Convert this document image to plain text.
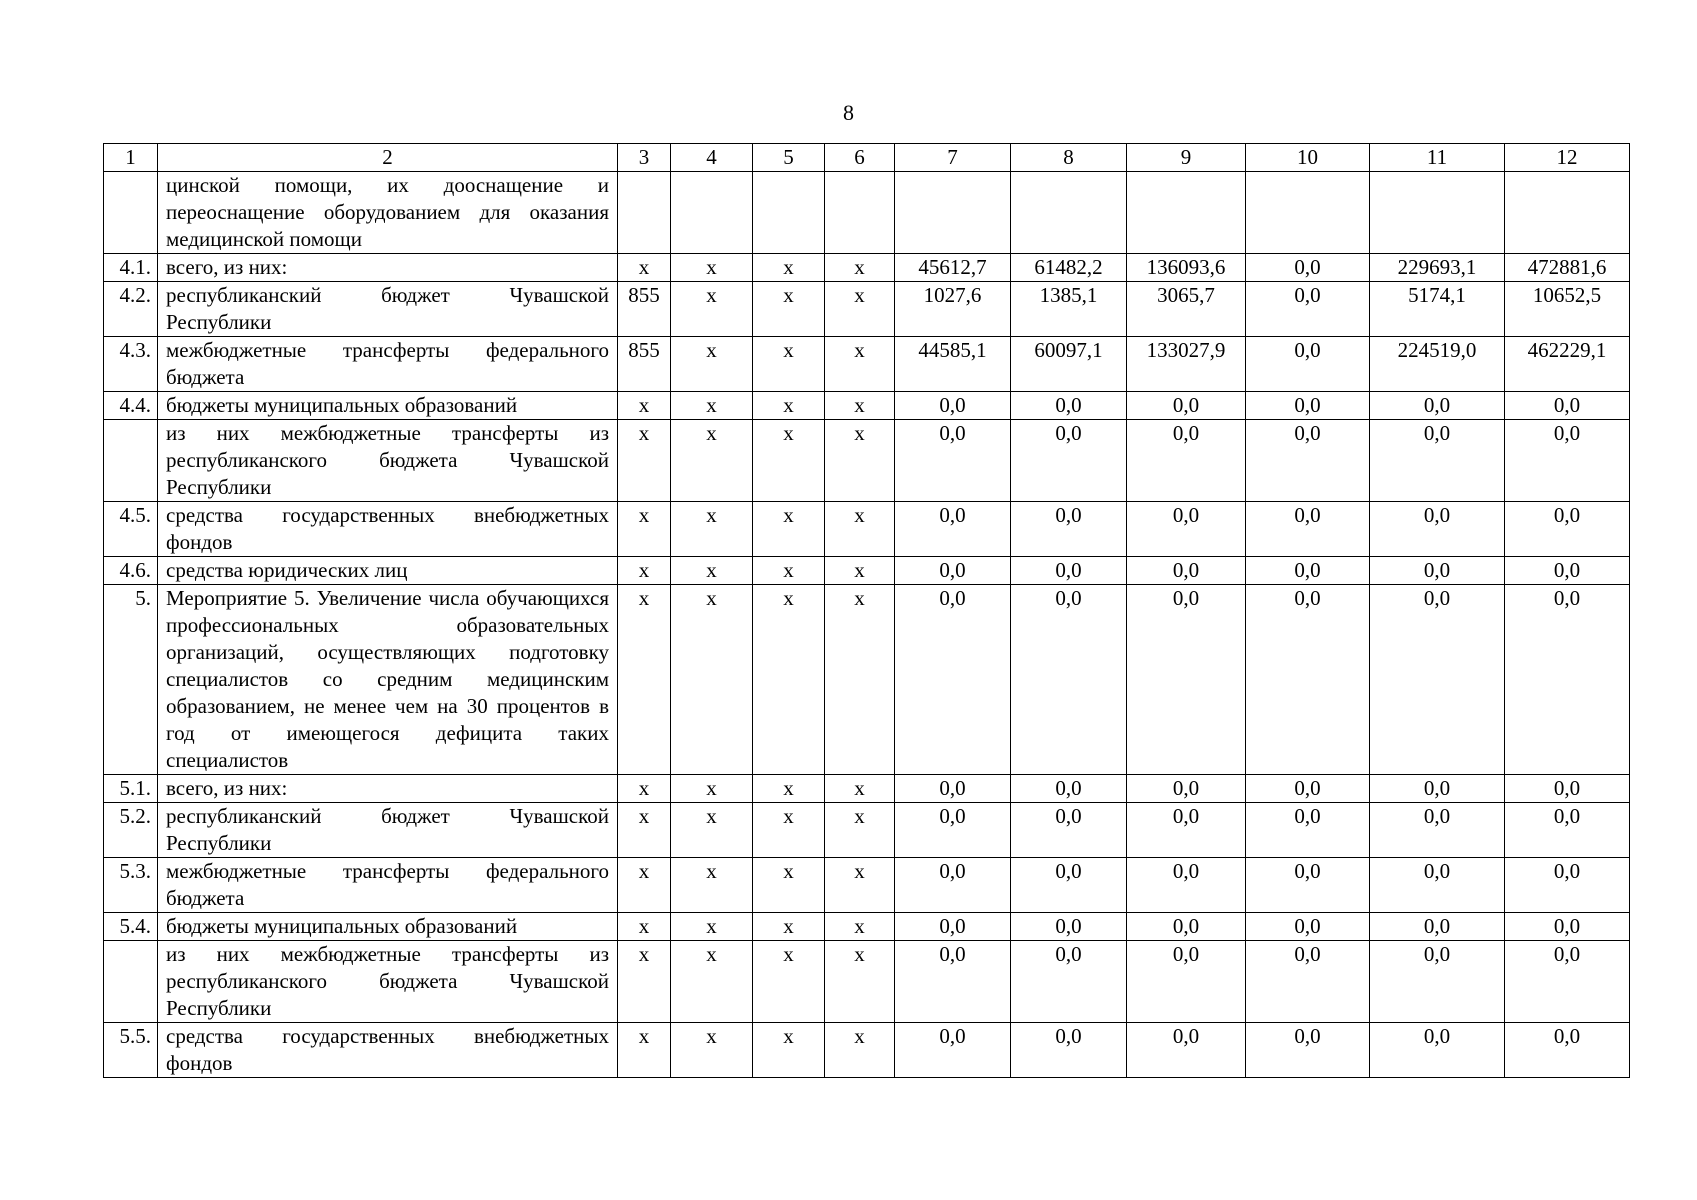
8
1	2	3	4	5	6	7	8	9	10	11	12
	цинской помощи, их дооснащение и переоснащение оборудованием для оказания медицинской помощи										
4.1.	всего, из них:	x	x	x	x	45612,7	61482,2	136093,6	0,0	229693,1	472881,6
4.2.	республиканский бюджет Чувашской Республики	855	x	x	x	1027,6	1385,1	3065,7	0,0	5174,1	10652,5
4.3.	межбюджетные трансферты федерального бюджета	855	x	x	x	44585,1	60097,1	133027,9	0,0	224519,0	462229,1
4.4.	бюджеты муниципальных образований	x	x	x	x	0,0	0,0	0,0	0,0	0,0	0,0
	из них межбюджетные трансферты из республиканского бюджета Чувашской Республики	x	x	x	x	0,0	0,0	0,0	0,0	0,0	0,0
4.5.	средства государственных внебюджетных фондов	x	x	x	x	0,0	0,0	0,0	0,0	0,0	0,0
4.6.	средства юридических лиц	x	x	x	x	0,0	0,0	0,0	0,0	0,0	0,0
5.	Мероприятие 5. Увеличение числа обучающихся профессиональных образовательных организаций, осуществляющих подготовку специалистов со средним медицинским образованием, не менее чем на 30 процентов в год от имеющегося дефицита таких специалистов	x	x	x	x	0,0	0,0	0,0	0,0	0,0	0,0
5.1.	всего, из них:	x	x	x	x	0,0	0,0	0,0	0,0	0,0	0,0
5.2.	республиканский бюджет Чувашской Республики	x	x	x	x	0,0	0,0	0,0	0,0	0,0	0,0
5.3.	межбюджетные трансферты федерального бюджета	x	x	x	x	0,0	0,0	0,0	0,0	0,0	0,0
5.4.	бюджеты муниципальных образований	x	x	x	x	0,0	0,0	0,0	0,0	0,0	0,0
	из них межбюджетные трансферты из республиканского бюджета Чувашской Республики	x	x	x	x	0,0	0,0	0,0	0,0	0,0	0,0
5.5.	средства государственных внебюджетных фондов	x	x	x	x	0,0	0,0	0,0	0,0	0,0	0,0
